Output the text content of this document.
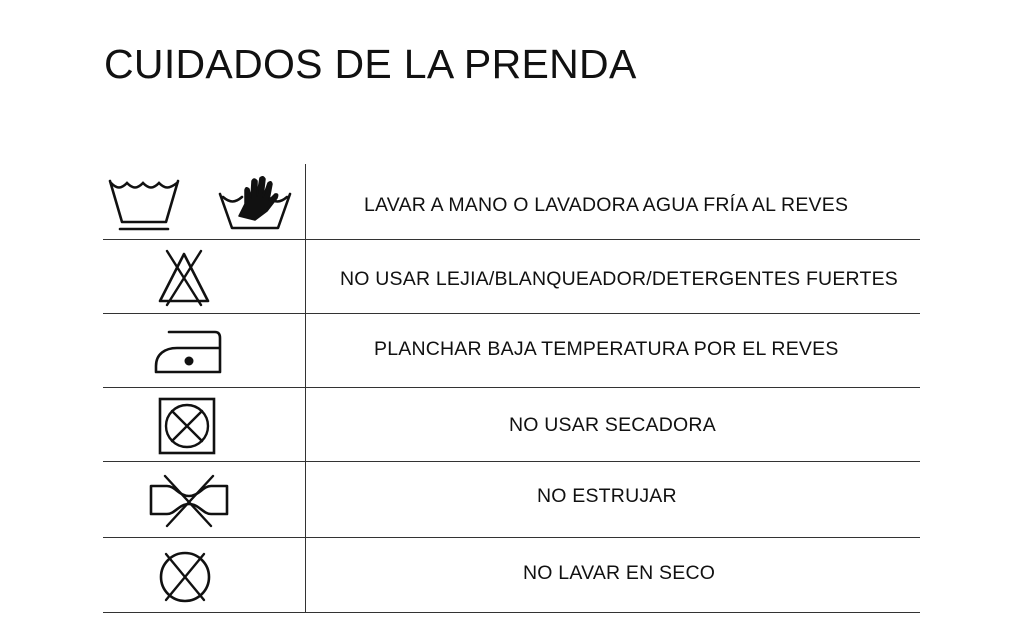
CUIDADOS DE LA PRENDA
LAVAR A MANO O LAVADORA AGUA FRÍA AL REVES
NO USAR LEJIA/BLANQUEADOR/DETERGENTES FUERTES
PLANCHAR BAJA TEMPERATURA POR EL REVES
NO USAR SECADORA
NO ESTRUJAR
NO LAVAR EN SECO
